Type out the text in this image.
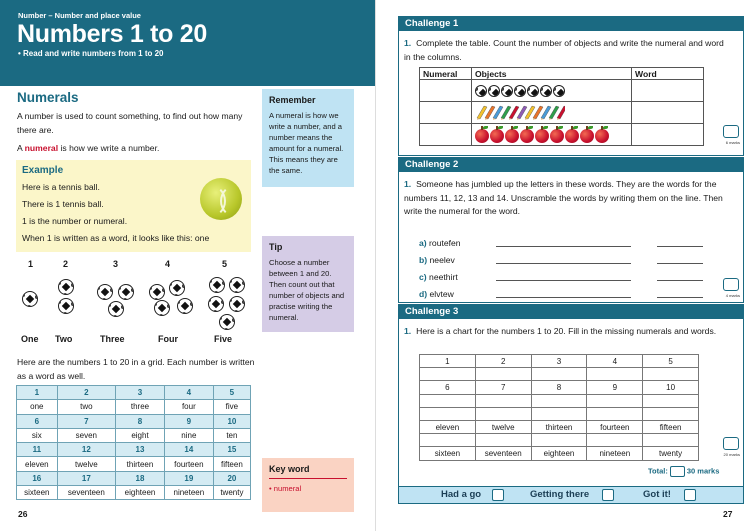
Number – Number and place value
Numbers 1 to 20
• Read and write numbers from 1 to 20
Numerals
A number is used to count something, to find out how many there are.
A numeral is how we write a number.
Example
Here is a tennis ball.
There is 1 tennis ball.
1 is the number or numeral.
When 1 is written as a word, it looks like this: one
1	2	3	4	5
One Two	Three	Four	Five
Here are the numbers 1 to 20 in a grid. Each number is written as a word as well.
1	2	3	4	5
one	two	three	four	five
6	7	8	9	10
six	seven	eight	nine	ten
11	12	13	14	15
eleven	twelve	thirteen	fourteen	fifteen
16	17	18	19	20
sixteen	seventeen	eighteen	nineteen	twenty
Remember
A numeral is how we write a number, and a number means the amount for a numeral. This means they are the same.
Tip
Choose a number between 1 and 20. Then count out that number of objects and practise writing the numeral.
Key word
• numeral
26
Challenge 1
1. Complete the table. Count the number of objects and write the numeral and word in the columns.
Numeral	Objects	Word

6 marks
Challenge 2
1. Someone has jumbled up the letters in these words. They are the words for the numbers 11, 12, 13 and 14. Unscramble the words by writing them on the line. Then write the numeral for the word.
a) routefen
b) neelev
c) neethirt
d) elvtew	4 marks
Challenge 3
1. Here is a chart for the numbers 1 to 20. Fill in the missing numerals and words.
1	2	3	4	5

6	7	8	9	10

eleven	twelve	thirteen	fourteen	fifteen

sixteen	seventeen	eighteen	nineteen	twenty	20 marks
Total:	30 marks
Had a go	Getting there	Got it!
27
